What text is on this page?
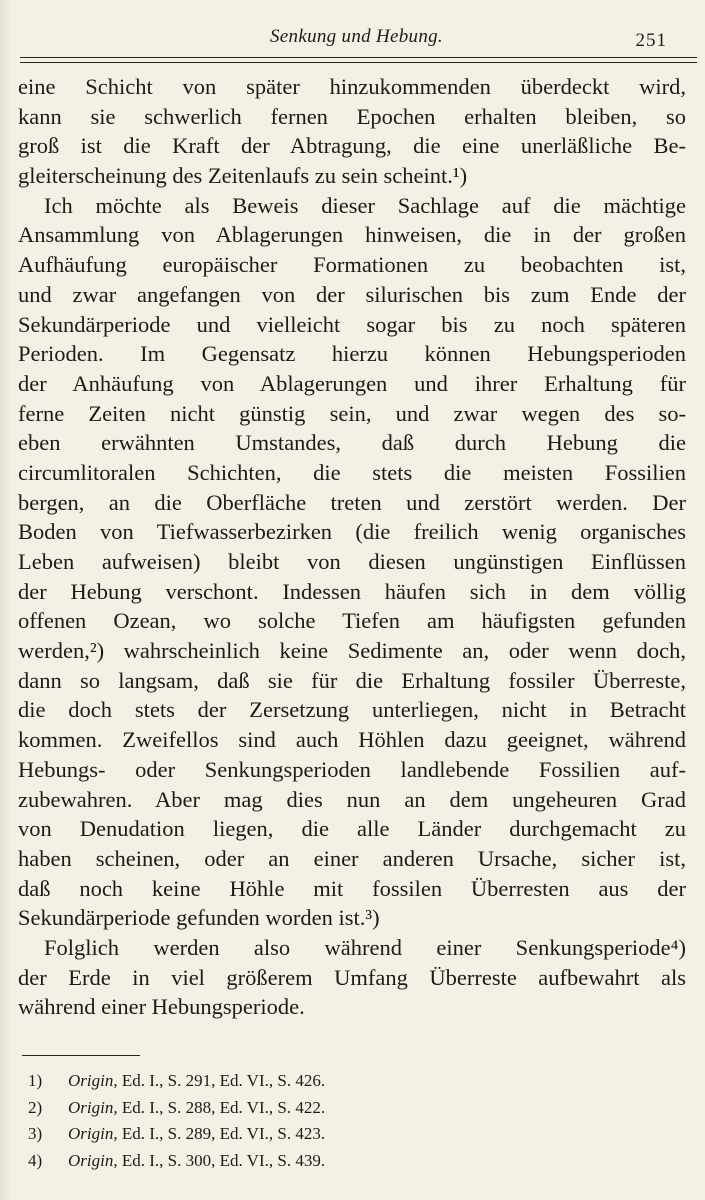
Senkung und Hebung.	251
eine Schicht von später hinzukommenden überdeckt wird,
kann sie schwerlich fernen Epochen erhalten bleiben, so
groß ist die Kraft der Abtragung, die eine unerläßliche Be-
gleiterscheinung des Zeitenlaufs zu sein scheint.¹)
Ich möchte als Beweis dieser Sachlage auf die mächtige
Ansammlung von Ablagerungen hinweisen, die in der großen
Aufhäufung europäischer Formationen zu beobachten ist,
und zwar angefangen von der silurischen bis zum Ende der
Sekundärperiode und vielleicht sogar bis zu noch späteren
Perioden. Im Gegensatz hierzu können Hebungsperioden
der Anhäufung von Ablagerungen und ihrer Erhaltung für
ferne Zeiten nicht günstig sein, und zwar wegen des so-
eben erwähnten Umstandes, daß durch Hebung die
circumlitoralen Schichten, die stets die meisten Fossilien
bergen, an die Oberfläche treten und zerstört werden. Der
Boden von Tiefwasserbezirken (die freilich wenig organisches
Leben aufweisen) bleibt von diesen ungünstigen Einflüssen
der Hebung verschont. Indessen häufen sich in dem völlig
offenen Ozean, wo solche Tiefen am häufigsten gefunden
werden,²) wahrscheinlich keine Sedimente an, oder wenn doch,
dann so langsam, daß sie für die Erhaltung fossiler Überreste,
die doch stets der Zersetzung unterliegen, nicht in Betracht
kommen. Zweifellos sind auch Höhlen dazu geeignet, während
Hebungs- oder Senkungsperioden landlebende Fossilien auf-
zubewahren. Aber mag dies nun an dem ungeheuren Grad
von Denudation liegen, die alle Länder durchgemacht zu
haben scheinen, oder an einer anderen Ursache, sicher ist,
daß noch keine Höhle mit fossilen Überresten aus der
Sekundärperiode gefunden worden ist.³)
Folglich werden also während einer Senkungsperiode⁴)
der Erde in viel größerem Umfang Überreste aufbewahrt als
während einer Hebungsperiode.
1) Origin, Ed. I., S. 291, Ed. VI., S. 426.
2) Origin, Ed. I., S. 288, Ed. VI., S. 422.
3) Origin, Ed. I., S. 289, Ed. VI., S. 423.
4) Origin, Ed. I., S. 300, Ed. VI., S. 439.
